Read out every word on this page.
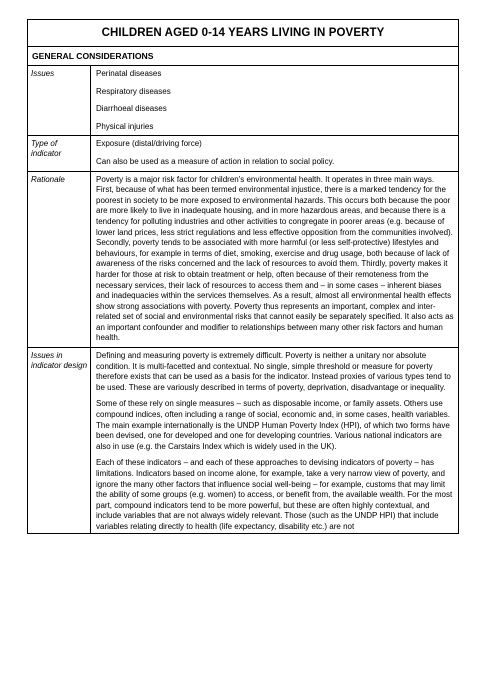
CHILDREN AGED 0-14 YEARS LIVING IN POVERTY
GENERAL CONSIDERATIONS
Issues	Perinatal diseases

Respiratory diseases

Diarrhoeal diseases

Physical injuries

Type of indicator

Exposure (distal/driving force)

Can also be used as a measure of action in relation to social policy.

Rationale	Poverty is a major risk factor for children's environmental health. It operates in three main ways. First, because of what has been termed environmental injustice, there is a marked tendency for the poorest in society to be more exposed to environmental hazards. This occurs both because the poor are more likely to live in inadequate housing, and in more hazardous areas, and because there is a tendency for polluting industries and other activities to congregate in poorer areas (e.g. because of lower land prices, less strict regulations and less effective opposition from the communities involved). Secondly, poverty tends to be associated with more harmful (or less self-protective) lifestyles and behaviours, for example in terms of diet, smoking, exercise and drug usage, both because of lack of awareness of the risks concerned and the lack of resources to avoid them. Thirdly, poverty makes it harder for those at risk to obtain treatment or help, often because of their remoteness from the necessary services, their lack of resources to access them and – in some cases – inherent biases and inadequacies within the services themselves. As a result, almost all environmental health effects show strong associations with poverty. Poverty thus represents an important, complex and inter-related set of social and environmental risks that cannot easily be separately specified. It also acts as an important confounder and modifier to relationships between many other risk factors and human health.

Issues in indicator design

Defining and measuring poverty is extremely difficult. Poverty is neither a unitary nor absolute condition. It is multi-facetted and contextual. No single, simple threshold or measure for poverty therefore exists that can be used as a basis for the indicator. Instead proxies of various types tend to be used. These are variously described in terms of poverty, deprivation, disadvantage or inequality.

Some of these rely on single measures – such as disposable income, or family assets. Others use compound indices, often including a range of social, economic and, in some cases, health variables. The main example internationally is the UNDP Human Poverty Index (HPI), of which two forms have been devised, one for developed and one for developing countries. Various national indicators are also in use (e.g. the Carstairs Index which is widely used in the UK).

Each of these indicators – and each of these approaches to devising indicators of poverty – has limitations. Indicators based on income alone, for example, take a very narrow view of poverty, and ignore the many other factors that influence social well-being – for example, customs that may limit the ability of some groups (e.g. women) to access, or benefit from, the available wealth. For the most part, compound indicators tend to be more powerful, but these are often highly contextual, and include variables that are not always widely relevant. Those (such as the UNDP HPI) that include variables relating directly to health (life expectancy, disability etc.) are not
